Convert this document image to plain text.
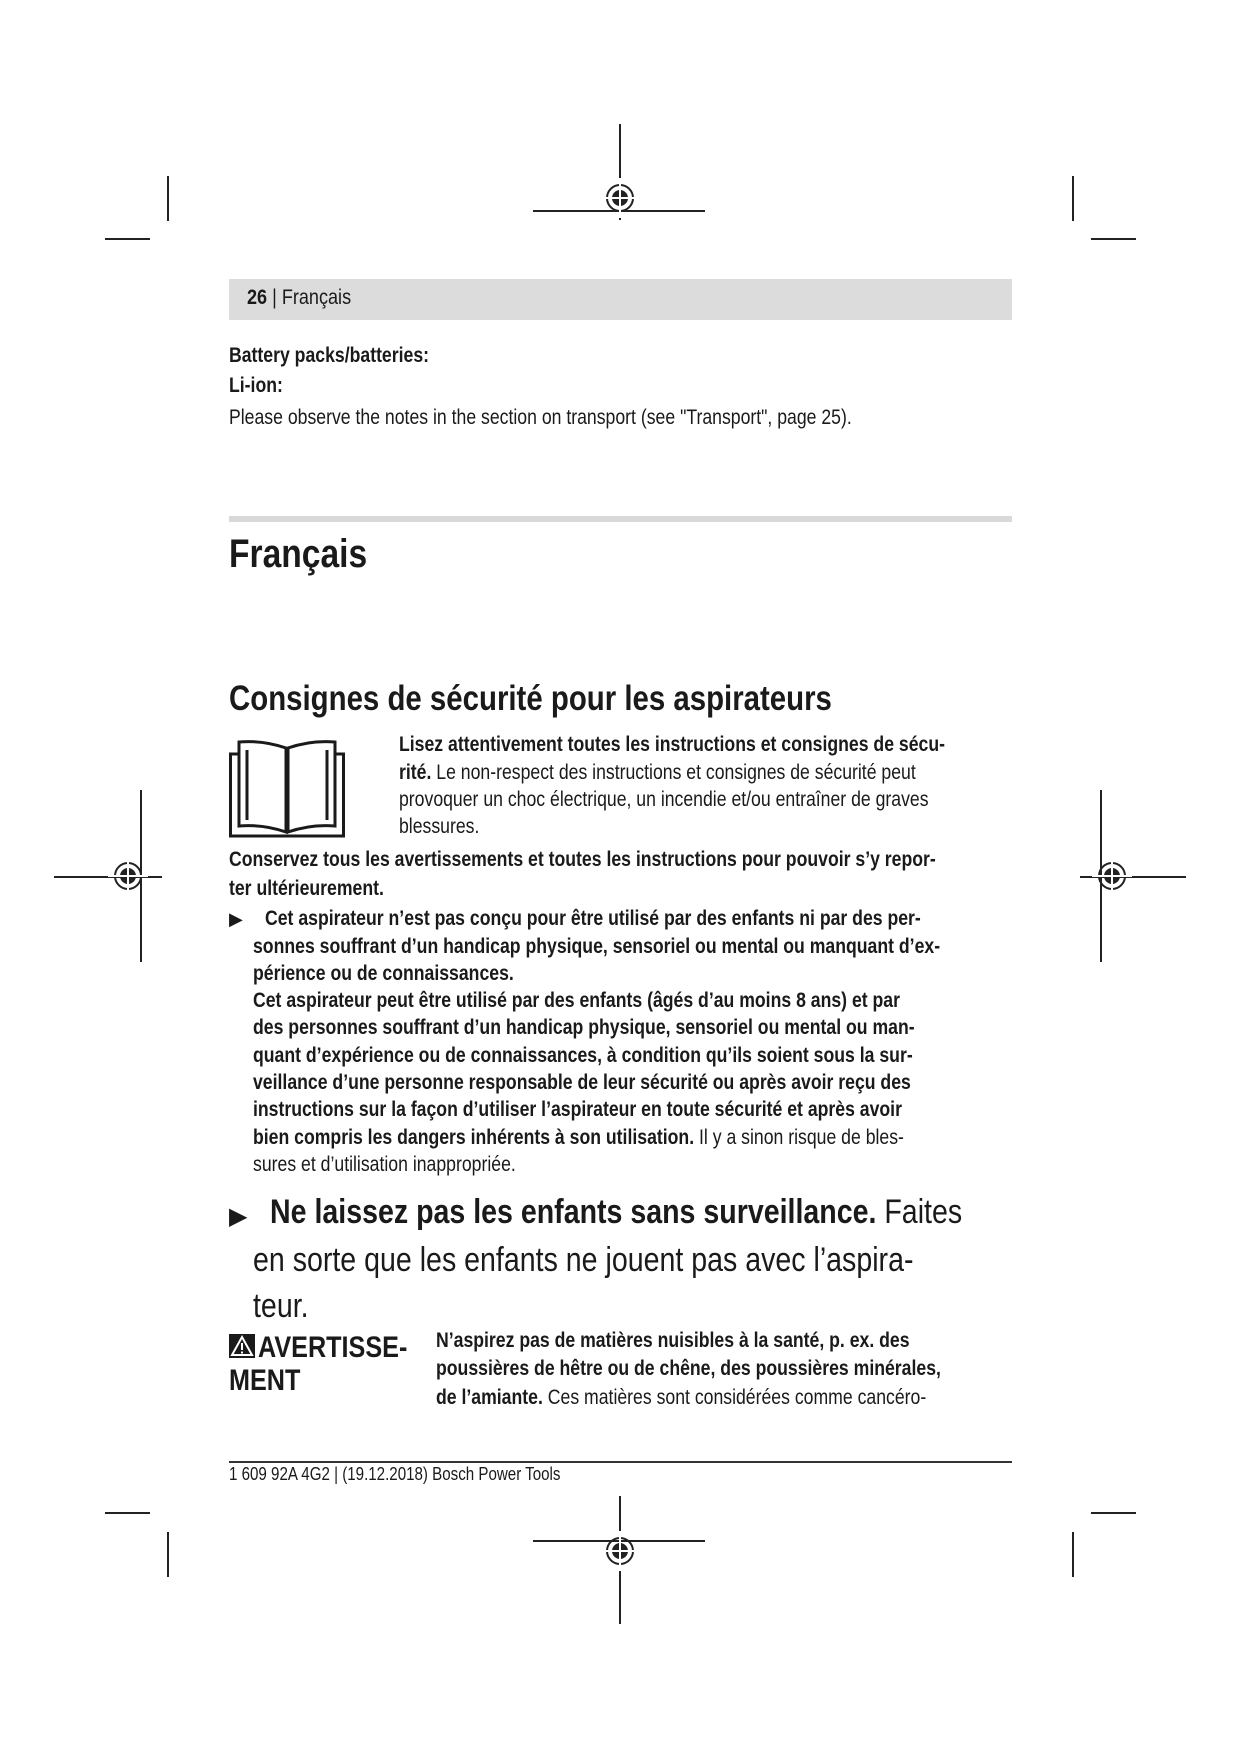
26 | Français
Battery packs/batteries:
Li-ion:
Please observe the notes in the section on transport (see "Transport", page 25).
Français
Consignes de sécurité pour les aspirateurs
Lisez attentivement toutes les instructions et consignes de sécu-
rité. Le non-respect des instructions et consignes de sécurité peut
provoquer un choc électrique, un incendie et/ou entraîner de graves
blessures.
Conservez tous les avertissements et toutes les instructions pour pouvoir s’y repor-
ter ultérieurement.
▶ Cet aspirateur n’est pas conçu pour être utilisé par des enfants ni par des per-
sonnes souffrant d’un handicap physique, sensoriel ou mental ou manquant d’ex-
périence ou de connaissances.
Cet aspirateur peut être utilisé par des enfants (âgés d’au moins 8 ans) et par
des personnes souffrant d’un handicap physique, sensoriel ou mental ou man-
quant d’expérience ou de connaissances, à condition qu’ils soient sous la sur-
veillance d’une personne responsable de leur sécurité ou après avoir reçu des
instructions sur la façon d’utiliser l’aspirateur en toute sécurité et après avoir
bien compris les dangers inhérents à son utilisation. Il y a sinon risque de bles-
sures et d’utilisation inappropriée.
▶ Ne laissez pas les enfants sans surveillance. Faites
en sorte que les enfants ne jouent pas avec l’aspira-
teur.
AVERTISSE-
MENT
N’aspirez pas de matières nuisibles à la santé, p. ex. des
poussières de hêtre ou de chêne, des poussières minérales,
de l’amiante. Ces matières sont considérées comme cancéro-
1 609 92A 4G2 | (19.12.2018) Bosch Power Tools
